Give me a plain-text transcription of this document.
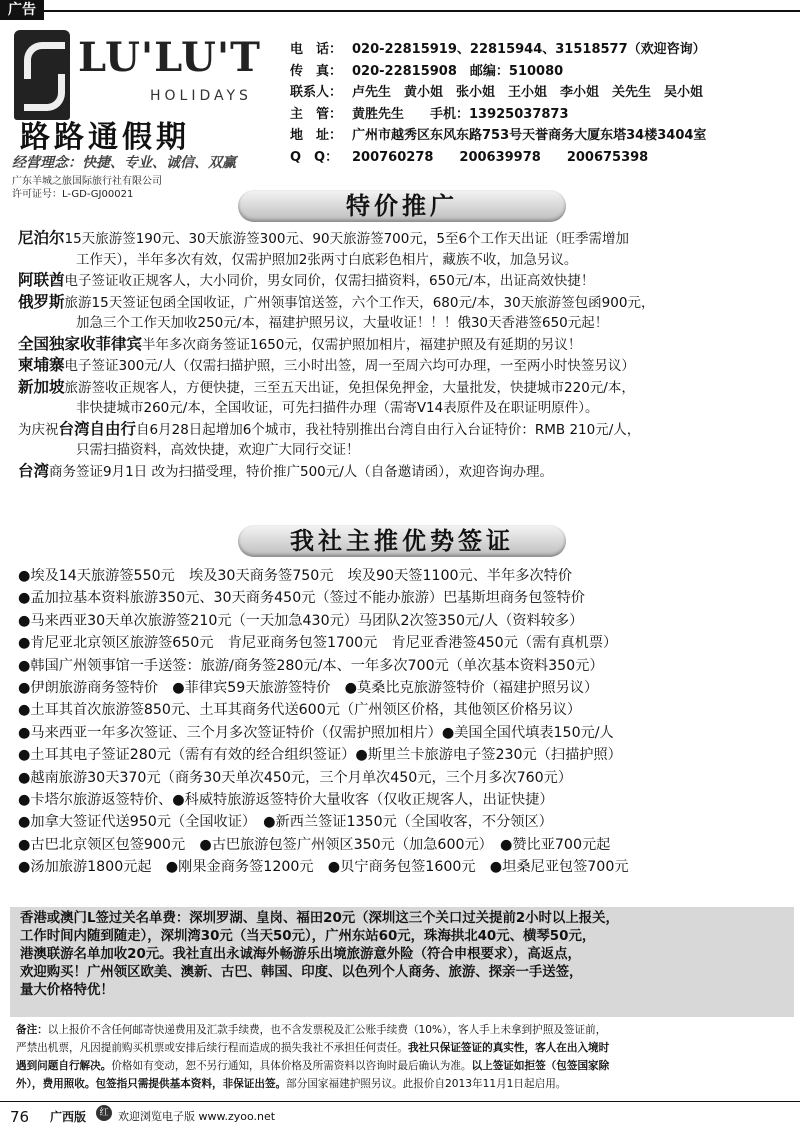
广告
LU'LU'T
HOLIDAYS
路路通假期
经营理念：快捷、专业、诚信、双赢
广东羊城之旅国际旅行社有限公司
许可证号：L-GD-GJ00021
电　话： 020-22815919、22815944、31518577（欢迎咨询）
传　真： 020-22815908　邮编：510080
联系人： 卢先生　黄小姐　张小姐　王小姐　李小姐　关先生　吴小姐
主　管： 黄胜先生　　手机：13925037873
地　址： 广州市越秀区东风东路753号天誉商务大厦东塔34楼3404室
Q　Q：	200760278　　200639978　　200675398
特价推广
尼泊尔15天旅游签190元、30天旅游签300元、90天旅游签700元，5至6个工作天出证（旺季需增加
工作天），半年多次有效，仅需护照加2张两寸白底彩色相片，藏族不收，加急另议。
阿联酋电子签证收正规客人，大小同价，男女同价，仅需扫描资料，650元/本，出证高效快捷！
俄罗斯旅游15天签证包函全国收证，广州领事馆送签，六个工作天，680元/本，30天旅游签包函900元，
加急三个工作天加收250元/本，福建护照另议，大量收证！！！俄30天香港签650元起！
全国独家收菲律宾半年多次商务签证1650元，仅需护照加相片，福建护照及有延期的另议！
柬埔寨电子签证300元/人（仅需扫描护照，三小时出签，周一至周六均可办理，一至两小时快签另议）
新加坡旅游签收正规客人，方便快捷，三至五天出证，免担保免押金，大量批发，快捷城市220元/本，
非快捷城市260元/本，全国收证，可先扫描件办理（需寄V14表原件及在职证明原件）。
为庆祝台湾自由行自6月28日起增加6个城市，我社特别推出台湾自由行入台证特价：RMB 210元/人，
只需扫描资料，高效快捷，欢迎广大同行交证！
台湾商务签证9月1日 改为扫描受理，特价推广500元/人（自备邀请函），欢迎咨询办理。
我社主推优势签证
●埃及14天旅游签550元　埃及30天商务签750元　埃及90天签1100元、半年多次特价
●孟加拉基本资料旅游350元、30天商务450元（签过不能办旅游）巴基斯坦商务包签特价
●马来西亚30天单次旅游签210元（一天加急430元）马团队2次签350元/人（资料较多）
●肯尼亚北京领区旅游签650元　肯尼亚商务包签1700元　肯尼亚香港签450元（需有真机票）
●韩国广州领事馆一手送签：旅游/商务签280元/本、一年多次700元（单次基本资料350元）
●伊朗旅游商务签特价　●菲律宾59天旅游签特价　●莫桑比克旅游签特价（福建护照另议）
●土耳其首次旅游签850元、土耳其商务代送600元（广州领区价格，其他领区价格另议）
●马来西亚一年多次签证、三个月多次签证特价（仅需护照加相片）●美国全国代填表150元/人
●土耳其电子签证280元（需有有效的经合组织签证）●斯里兰卡旅游电子签230元（扫描护照）
●越南旅游30天370元（商务30天单次450元，三个月单次450元，三个月多次760元）
●卡塔尔旅游返签特价、●科威特旅游返签特价大量收客（仅收正规客人，出证快捷）
●加拿大签证代送950元（全国收证）　●新西兰签证1350元（全国收客，不分领区）
●古巴北京领区包签900元　●古巴旅游包签广州领区350元（加急600元）　●赞比亚700元起
●汤加旅游1800元起　●刚果金商务签1200元　●贝宁商务包签1600元　●坦桑尼亚包签700元
香港或澳门L签过关名单费：深圳罗湖、皇岗、福田20元（深圳这三个关口过关提前2小时以上报关，
工作时间内随到随走），深圳湾30元（当天50元），广州东站60元，珠海拱北40元、横琴50元，
港澳联游名单加收20元。我社直出永诚海外畅游乐出境旅游意外险（符合申根要求），高返点，
欢迎购买！广州领区欧美、澳新、古巴、韩国、印度、以色列个人商务、旅游、探亲一手送签，
量大价格特优！
备注：以上报价不含任何邮寄快递费用及汇款手续费，也不含发票税及汇公账手续费（10%），客人手上未拿到护照及签证前，
严禁出机票，凡因提前购买机票或安排后续行程而造成的损失我社不承担任何责任。我社只保证签证的真实性，客人在出入境时
遇到问题自行解决。价格如有变动，恕不另行通知，具体价格及所需资料以咨询时最后确认为准。以上签证如拒签（包签国家除
外），费用照收。包签指只需提供基本资料，非保证出签。部分国家福建护照另议。此报价自2013年11月1日起启用。
76 广西版	红 欢迎浏览电子版 www.zyoo.net
